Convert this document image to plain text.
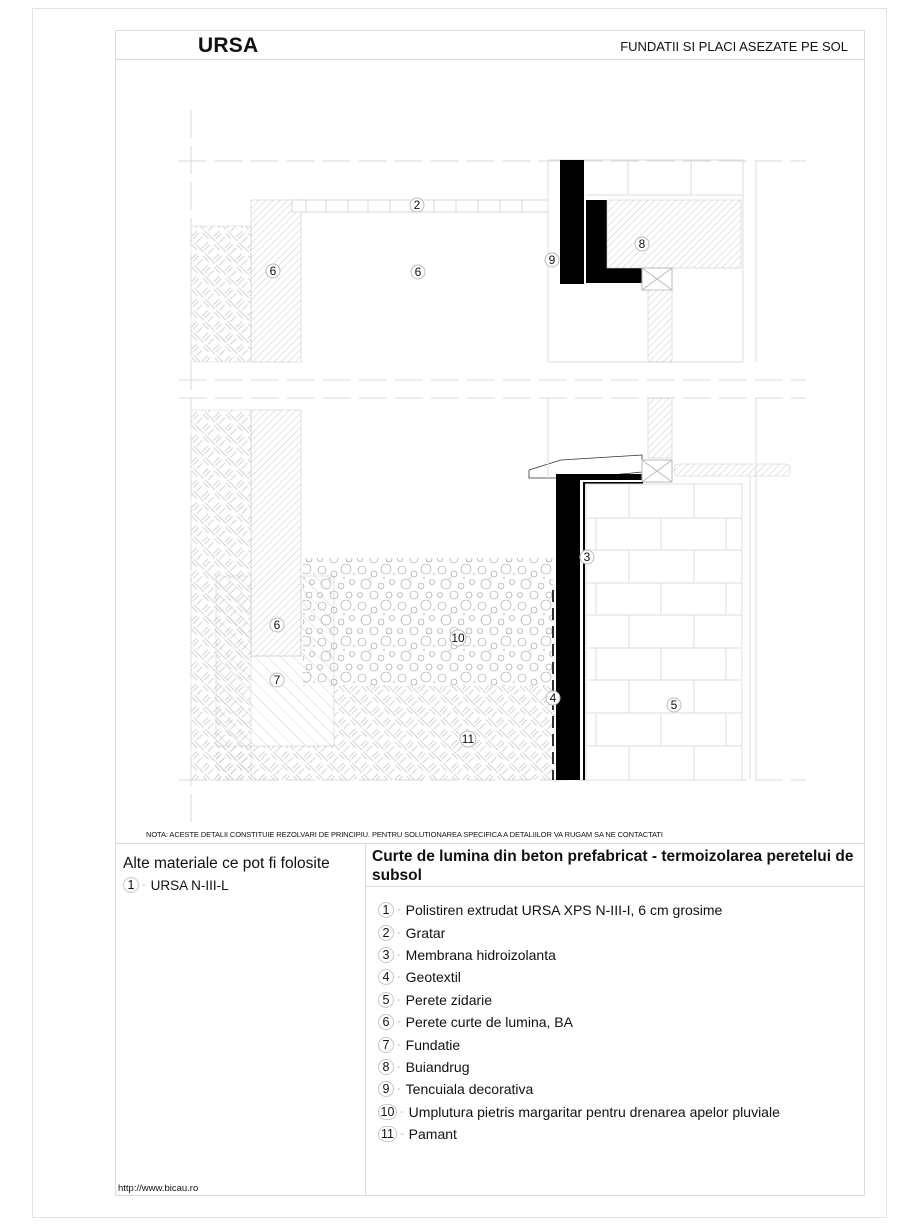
URSA	FUNDATII SI PLACI ASEZATE PE SOL
2
6	6
8
9
3
6
10
7
4	5
11
NOTA: ACESTE DETALII CONSTITUIE REZOLVARI DE PRINCIPIU. PENTRU SOLUTIONAREA SPECIFICA A DETALIILOR VA RUGAM SA NE CONTACTATI
Alte materiale ce pot fi folosite
1 - URSA N-III-L
http://www.bicau.ro
Curte de lumina din beton prefabricat - termoizolarea peretelui de subsol
1 - Polistiren extrudat URSA XPS N-III-I, 6 cm grosime
2 - Gratar
3 - Membrana hidroizolanta
4 - Geotextil
5 - Perete zidarie
6 - Perete curte de lumina, BA
7 - Fundatie
8 - Buiandrug
9 - Tencuiala decorativa
10 - Umplutura pietris margaritar pentru drenarea apelor pluviale
11 - Pamant
